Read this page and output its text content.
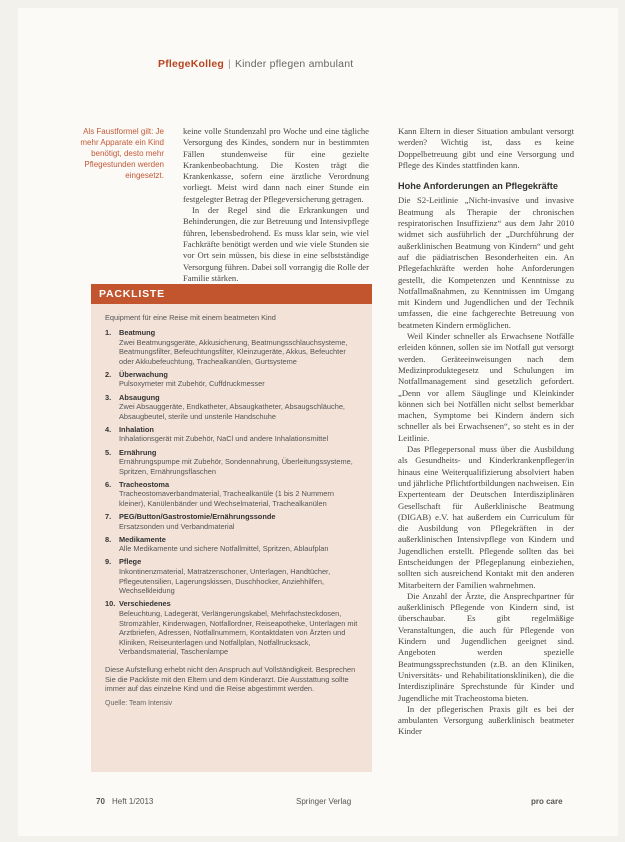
PflegeKolleg | Kinder pflegen ambulant
Als Faustformel gilt: Je mehr Apparate ein Kind benötigt, desto mehr Pflegestunden werden eingesetzt.

keine volle Stundenzahl pro Woche und eine tägliche Versorgung des Kindes, sondern nur in bestimmten Fällen stundenweise für eine gezielte Krankenbeobachtung. Die Kosten trägt die Krankenkasse, sofern eine ärztliche Verordnung vorliegt. Meist wird dann nach einer Stunde ein festgelegter Betrag der Pflegeversicherung getragen.

In der Regel sind die Erkrankungen und Behinderungen, die zur Betreuung und Intensivpflege führen, lebensbedrohend. Es muss klar sein, wie viel Fachkräfte benötigt werden und wie viele Stunden sie vor Ort sein müssen, bis diese in eine selbstständige Versorgung führen. Dabei soll vorrangig die Rolle der Familie stärken.

PACKLISTE
Equipment für eine Reise mit einem beatmeten Kind
1.	Beatmung
Zwei Beatmungsgeräte, Akkusicherung, Beatmungsschlauchsysteme, Beatmungsfilter, Befeuchtungsfilter, Kleinzugeräte, Akkus, Befeuchter oder Akkubefeuchtung, Trachealkanülen, Gurtsysteme
2.	Überwachung
Pulsoxymeter mit Zubehör, Cuffdruckmesser
3.	Absaugung
Zwei Absauggeräte, Endkatheter, Absaugkatheter, Absaugschläuche, Absaugbeutel, sterile und unsterile Handschuhe
4.	Inhalation
Inhalationsgerät mit Zubehör, NaCl und andere Inhalationsmittel
5.	Ernährung
Ernährungspumpe mit Zubehör, Sondennahrung, Überleitungssysteme, Spritzen, Ernährungsflaschen
6.	Tracheostoma
Tracheostomaverbandmaterial, Trachealkanüle (1 bis 2 Nummern kleiner), Kanülenbänder und Wechselmaterial, Trachealkanülen
7.	PEG/Button/Gastrostomie/Ernährungssonde
Ersatzsonden und Verbandmaterial
8.	Medikamente
Alle Medikamente und sichere Notfallmittel, Spritzen, Ablaufplan
9.	Pflege
Inkontinenzmaterial, Matratzenschoner, Unterlagen, Handtücher, Pflegeutensilien, Lagerungskissen, Duschhocker, Anziehhilfen, Wechselkleidung
10. Verschiedenes
Beleuchtung, Ladegerät, Verlängerungskabel, Mehrfachsteckdosen, Stromzähler, Kinderwagen, Notfallordner, Reiseapotheke, Unterlagen mit Arztbriefen, Adressen, Notfallnummern, Kontaktdaten von Ärzten und Kliniken, Reiseunterlagen und Notfallplan, Notfallrucksack, Verbandsmaterial, Taschenlampe
Diese Aufstellung erhebt nicht den Anspruch auf Vollständigkeit. Besprechen Sie die Packliste mit den Eltern und dem Kinderarzt. Die Ausstattung sollte immer auf das einzelne Kind und die Reise abgestimmt werden.
Quelle: Team Intensiv

Kann Eltern in dieser Situation ambulant versorgt werden? Wichtig ist, dass es keine Doppelbetreuung gibt und eine Versorgung und Pflege des Kindes stattfinden kann.

Hohe Anforderungen an Pflegekräfte

Die S2-Leitlinie „Nicht-invasive und invasive Beatmung als Therapie der chronischen respiratorischen Insuffizienz“ aus dem Jahr 2010 widmet sich ausführlich der „Durchführung der außerklinischen Beatmung von Kindern“ und geht auf die pädiatrischen Besonderheiten ein. An Pflegefachkräfte werden hohe Anforderungen gestellt, die Kompetenzen und Kenntnisse zu Notfallmaßnahmen, zu Kenntnissen im Umgang mit Kindern und Jugendlichen und der Technik umfassen, die eine fachgerechte Betreuung von beatmeten Kindern ermöglichen.

Weil Kinder schneller als Erwachsene Notfälle erleiden können, sollen sie im Notfall gut versorgt werden. Geräteeinweisungen nach dem Medizinproduktegesetz und Schulungen im Notfallmanagement sind gesetzlich gefordert. „Denn vor allem Säuglinge und Kleinkinder können sich bei Notfällen nicht selbst bemerkbar machen, Symptome bei Kindern ändern sich schneller als bei Erwachsenen“, so steht es in der Leitlinie.

Das Pflegepersonal muss über die Ausbildung als Gesundheits- und Kinderkrankenpfleger/in hinaus eine Weiterqualifizierung absolviert haben und jährliche Pflichtfortbildungen nachweisen. Ein Expertenteam der Deutschen Interdisziplinären Gesellschaft für Außerklinische Beatmung (DIGAB) e.V. hat außerdem ein Curriculum für die Ausbildung von Pflegekräften in der außerklinischen Intensivpflege von Kindern und Jugendlichen erstellt. Pflegende sollten das bei Entscheidungen der Pflegeplanung einbeziehen, sollten sich ausreichend Kontakt mit den anderen Mitarbeitern der Familien wahrnehmen.

Die Anzahl der Ärzte, die Ansprechpartner für außerklinisch Pflegende von Kindern sind, ist überschaubar. Es gibt regelmäßige Veranstaltungen, die auch für Pflegende von Kindern und Jugendlichen geeignet sind. Angeboten werden spezielle Beatmungssprechstunden (z.B. an den Kliniken, Universitäts- und Rehabilitationskliniken), die die Interdisziplinäre Sprechstunde für Kinder und Jugendliche mit Tracheostoma bieten.

In der pflegerischen Praxis gilt es bei der ambulanten Versorgung außerklinisch beatmeter Kinder

70 Heft 1/2013	Springer Verlag	pro care
